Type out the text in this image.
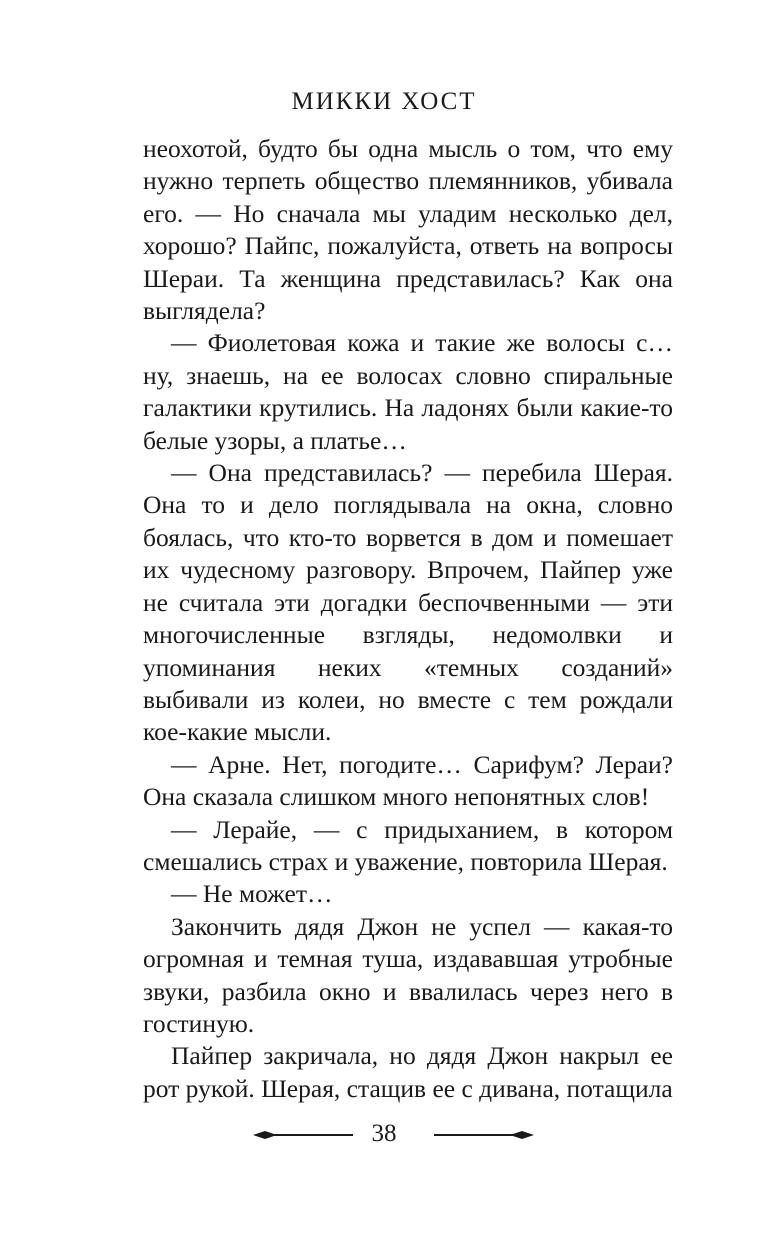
МИККИ ХОСТ

неохотой, будто бы одна мысль о том, что ему нужно терпеть общество племянников, убивала его. — Но сначала мы уладим несколько дел, хорошо? Пайпс, пожалуйста, ответь на вопросы Шераи. Та женщина представилась? Как она выглядела?

— Фиолетовая кожа и такие же волосы с… ну, знаешь, на ее волосах словно спиральные галактики крутились. На ладонях были какие-то белые узоры, а платье…

— Она представилась? — перебила Шерая. Она то и дело поглядывала на окна, словно боялась, что кто-то ворвется в дом и помешает их чудесному разговору. Впрочем, Пайпер уже не считала эти догадки беспочвенными — эти многочисленные взгляды, недомолвки и упоминания неких «темных созданий» выбивали из колеи, но вместе с тем рождали кое-какие мысли.

— Арне. Нет, погодите… Сарифум? Лераи? Она сказала слишком много непонятных слов!

— Лерайе, — с придыханием, в котором смешались страх и уважение, повторила Шерая.

— Не может…

Закончить дядя Джон не успел — какая-то огромная и темная туша, издававшая утробные звуки, разбила окно и ввалилась через него в гостиную.

Пайпер закричала, но дядя Джон накрыл ее рот рукой. Шерая, стащив ее с дивана, потащила

38
